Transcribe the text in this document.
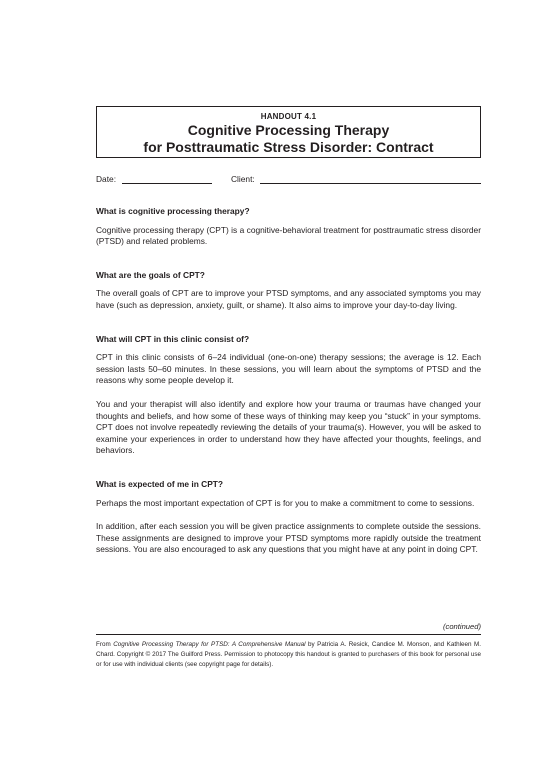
HANDOUT 4.1
Cognitive Processing Therapy
for Posttraumatic Stress Disorder: Contract
Date:	Client:
What is cognitive processing therapy?
Cognitive processing therapy (CPT) is a cognitive-behavioral treatment for posttraumatic stress disorder (PTSD) and related problems.
What are the goals of CPT?
The overall goals of CPT are to improve your PTSD symptoms, and any associated symptoms you may have (such as depression, anxiety, guilt, or shame). It also aims to improve your day-to-day living.
What will CPT in this clinic consist of?
CPT in this clinic consists of 6–24 individual (one-on-one) therapy sessions; the average is 12. Each session lasts 50–60 minutes. In these sessions, you will learn about the symptoms of PTSD and the reasons why some people develop it.
You and your therapist will also identify and explore how your trauma or traumas have changed your thoughts and beliefs, and how some of these ways of thinking may keep you “stuck” in your symptoms. CPT does not involve repeatedly reviewing the details of your trauma(s). However, you will be asked to examine your experiences in order to understand how they have affected your thoughts, feelings, and behaviors.
What is expected of me in CPT?
Perhaps the most important expectation of CPT is for you to make a commitment to come to sessions.
In addition, after each session you will be given practice assignments to complete outside the sessions. These assignments are designed to improve your PTSD symptoms more rapidly outside the treatment sessions. You are also encouraged to ask any questions that you might have at any point in doing CPT.
(continued)
From Cognitive Processing Therapy for PTSD: A Comprehensive Manual by Patricia A. Resick, Candice M. Monson, and Kathleen M. Chard. Copyright © 2017 The Guilford Press. Permission to photocopy this handout is granted to purchasers of this book for personal use or for use with individual clients (see copyright page for details).
